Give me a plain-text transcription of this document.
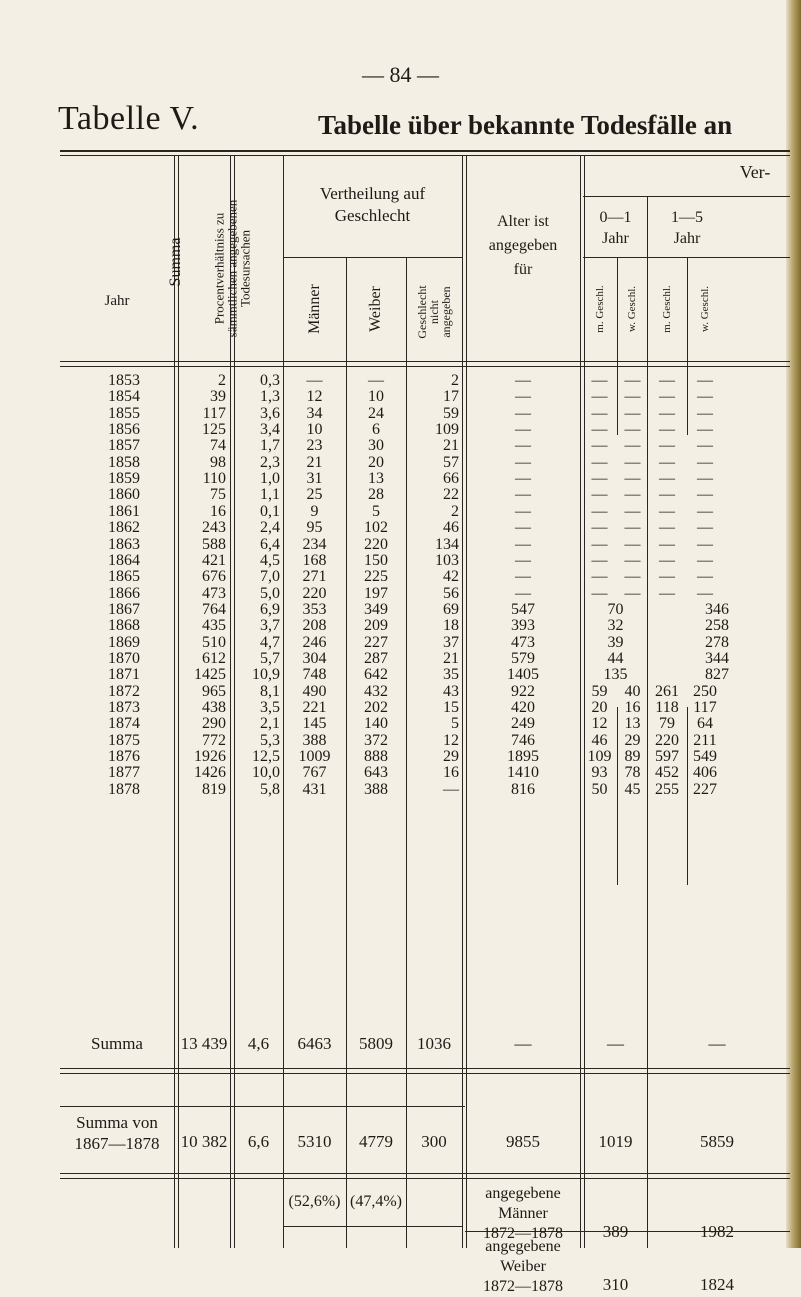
— 84 —
Tabelle V.	Tabelle über bekannte Todesfälle an
Jahr
Summa Procentverhältniss zu
sämmtlichen angegebenen
Todesursachen
Vertheilung auf
Geschlecht
Männer	Weiber	Geschlecht
nicht
angegeben
Alter ist
angegeben
für
Ver-
0—1
Jahr
1—5
Jahr
m. Geschl. w. Geschl. m. Geschl. w. Geschl.
1853	2	0,3	—	—	2	—	—	—	—	—
1854	39	1,3	12	10	17	—	—	—	—	—
1855	117	3,6	34	24	59	—	—	—	—	—
1856	125	3,4	10	6	109	—	—	—	—	—
1857	74	1,7	23	30	21	—	—	—	—	—
1858	98	2,3	21	20	57	—	—	—	—	—
1859	110	1,0	31	13	66	—	—	—	—	—
1860	75	1,1	25	28	22	—	—	—	—	—
1861	16	0,1	9	5	2	—	—	—	—	—
1862	243	2,4	95	102	46	—	—	—	—	—
1863	588	6,4	234	220	134	—	—	—	—	—
1864	421	4,5	168	150	103	—	—	—	—	—
1865	676	7,0	271	225	42	—	—	—	—	—
1866	473	5,0	220	197	56	—	—	—	—	—
1867	764	6,9	353	349	69	547	70	346
1868	435	3,7	208	209	18	393	32	258
1869	510	4,7	246	227	37	473	39	278
1870	612	5,7	304	287	21	579	44	344
1871	1425	10,9	748	642	35	1405	135	827
1872	965	8,1	490	432	43	922	59	40 261 250
1873	438	3,5	221	202	15	420	20	16 118 117
1874	290	2,1	145	140	5	249	12	13	79	64
1875	772	5,3	388	372	12	746	46	29 220 211
1876	1926	12,5	1009	888	29	1895	109 89 597 549
1877	1426	10,0	767	643	16	1410	93	78 452 406
1878	819	5,8	431	388	—	816	50	45 255 227
Summa	13 439	4,6	6463	5809	1036	—	—	—
Summa von
1867—1878	10 382	6,6	5310	4779	300	9855	1019	5859
(52,6%) (47,4%)	angegebene
Männer
1872—1878	389	1982
angegebene
Weiber
1872—1878	310	1824
